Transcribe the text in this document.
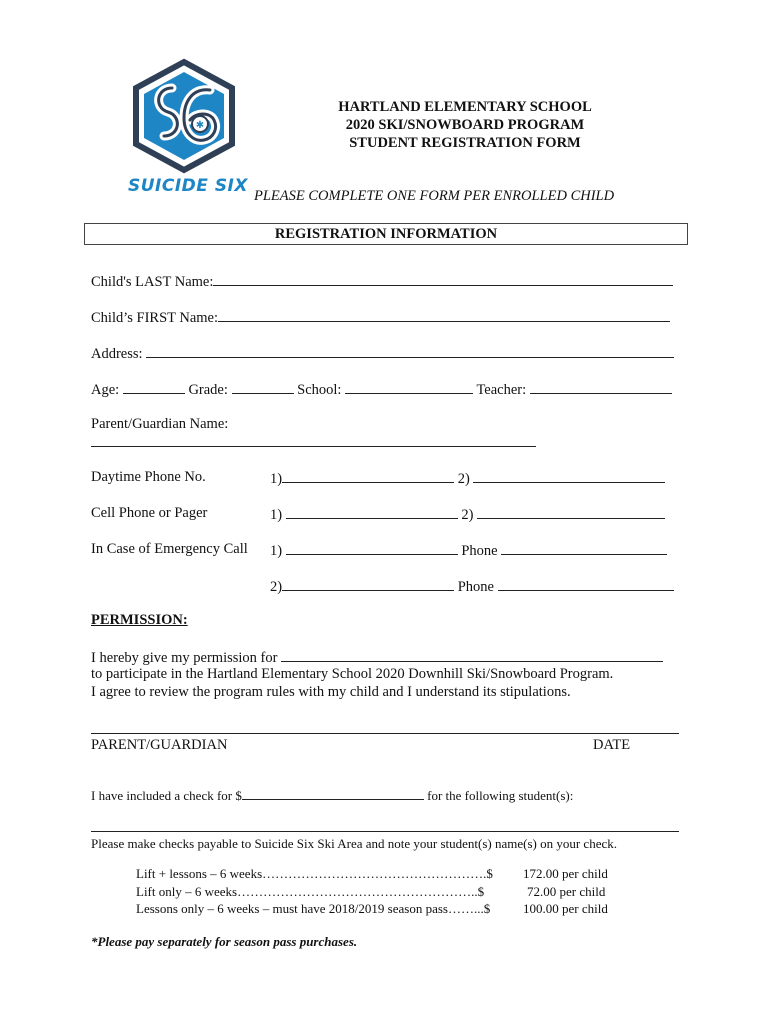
✱
SUICIDE SIX
HARTLAND ELEMENTARY SCHOOL
2020 SKI/SNOWBOARD PROGRAM
STUDENT REGISTRATION FORM
PLEASE COMPLETE ONE FORM PER ENROLLED CHILD
REGISTRATION INFORMATION
Child's LAST Name:
Child’s FIRST Name:
Address:
Age:	Grade:	School:	Teacher:
Parent/Guardian Name:
Daytime Phone No.	1)	2)
Cell Phone or Pager	1)	2)
In Case of Emergency Call 1)	Phone
2)	Phone
PERMISSION:
I hereby give my permission for
to participate in the Hartland Elementary School 2020 Downhill Ski/Snowboard Program.
I agree to review the program rules with my child and I understand its stipulations.
PARENT/GUARDIAN	DATE
I have included a check for $	for the following student(s):
Please make checks payable to Suicide Six Ski Area and note your student(s) name(s) on your check.
Lift + lessons – 6 weeks…………………………………………….$ 172.00 per child
Lift only – 6 weeks………………………………………………..$	72.00 per child
Lessons only – 6 weeks – must have 2018/2019 season pass……...$	100.00 per child
*Please pay separately for season pass purchases.
